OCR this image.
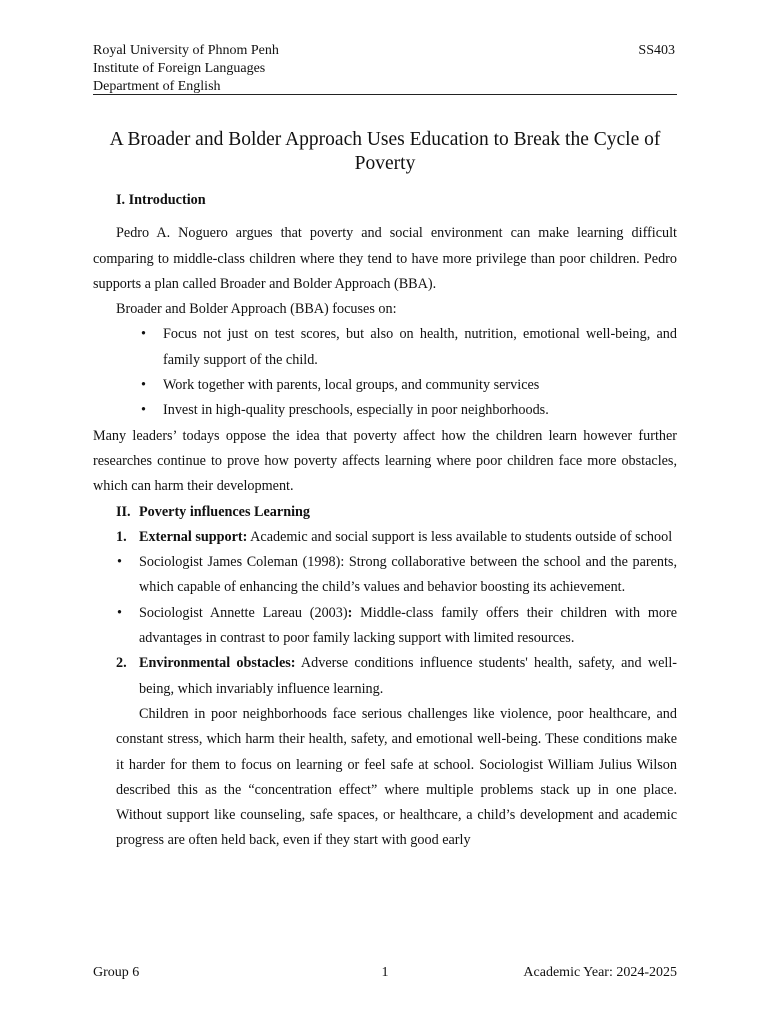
Royal University of Phnom Penh
Institute of Foreign Languages
Department of English
SS403
A Broader and Bolder Approach Uses Education to Break the Cycle of Poverty

I. Introduction

Pedro A. Noguero argues that poverty and social environment can make learning difficult comparing to middle-class children where they tend to have more privilege than poor children. Pedro supports a plan called Broader and Bolder Approach (BBA).

Broader and Bolder Approach (BBA) focuses on:

• Focus not just on test scores, but also on health, nutrition, emotional well-being, and family support of the child.
• Work together with parents, local groups, and community services
• Invest in high-quality preschools, especially in poor neighborhoods.

Many leaders’ todays oppose the idea that poverty affect how the children learn however further researches continue to prove how poverty affects learning where poor children face more obstacles, which can harm their development.

II. Poverty influences Learning
1. External support: Academic and social support is less available to students outside of school
• Sociologist James Coleman (1998): Strong collaborative between the school and the parents, which capable of enhancing the child’s values and behavior boosting its achievement.
• Sociologist Annette Lareau (2003): Middle-class family offers their children with more advantages in contrast to poor family lacking support with limited resources.
2. Environmental obstacles: Adverse conditions influence students' health, safety, and well-being, which invariably influence learning.

Children in poor neighborhoods face serious challenges like violence, poor healthcare, and constant stress, which harm their health, safety, and emotional well-being. These conditions make it harder for them to focus on learning or feel safe at school. Sociologist William Julius Wilson described this as the “concentration effect” where multiple problems stack up in one place. Without support like counseling, safe spaces, or healthcare, a child’s development and academic progress are often held back, even if they start with good early

Group 6	1	Academic Year: 2024-2025
